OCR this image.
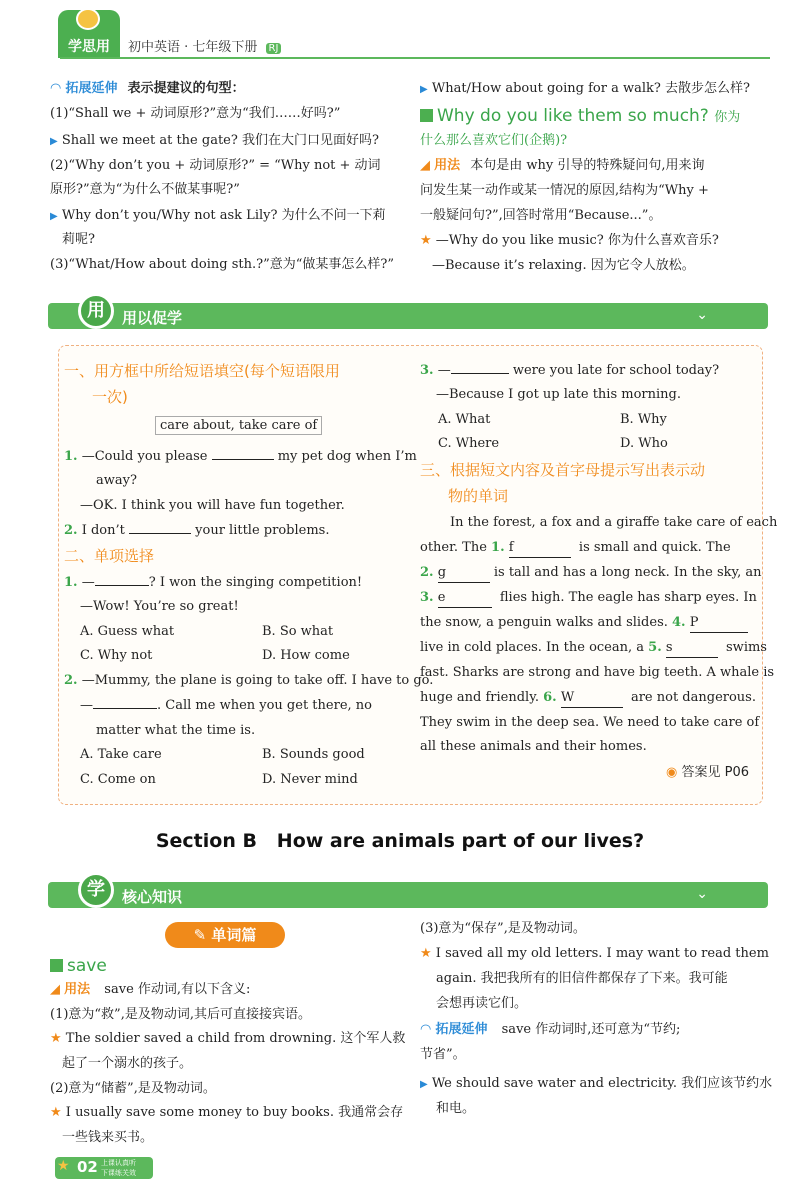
学思用	初中英语 · 七年级下册 RJ
◠ 拓展延伸 表示提建议的句型：
(1)“Shall we + 动词原形?”意为“我们……好吗?”
▶ Shall we meet at the gate? 我们在大门口见面好吗?
(2)“Why don’t you + 动词原形?” = “Why not + 动词
原形?”意为“为什么不做某事呢?”
▶ Why don’t you/Why not ask Lily? 为什么不问一下莉
莉呢?
(3)“What/How about doing sth.?”意为“做某事怎么样?”
▶ What/How about going for a walk? 去散步怎么样?
Why do you like them so much? 你为
什么那么喜欢它们(企鹅)?
◢ 用法 本句是由 why 引导的特殊疑问句,用来询
问发生某一动作或某一情况的原因,结构为“Why +
一般疑问句?”,回答时常用“Because...”。
★ —Why do you like music? 你为什么喜欢音乐?
—Because it’s relaxing. 因为它令人放松。
用	用以促学	⌄
一、用方框中所给短语填空(每个短语限用
一次)
care about, take care of
1. —Could you please	my pet dog when I’m
away?
—OK. I think you will have fun together.
2. I don’t	your little problems.
二、单项选择
1. —	? I won the singing competition!
—Wow! You’re so great!
A. Guess what	B. So what
C. Why not	D. How come
2. —Mummy, the plane is going to take off. I have to go.
—	. Call me when you get there, no
matter what the time is.
A. Take care	B. Sounds good
C. Come on	D. Never mind
3. —	were you late for school today?
—Because I got up late this morning.
A. What	B. Why
C. Where	D. Who
三、根据短文内容及首字母提示写出表示动
物的单词
In the forest, a fox and a giraffe take care of each
other. The 1. f	is small and quick. The
2. g	is tall and has a long neck. In the sky, an
3. e	flies high. The eagle has sharp eyes. In
the snow, a penguin walks and slides. 4. P
live in cold places. In the ocean, a 5. s	swims
fast. Sharks are strong and have big teeth. A whale is
huge and friendly. 6. W	are not dangerous.
They swim in the deep sea. We need to take care of
all these animals and their homes.
◉ 答案见 P06
Section B   How are animals part of our lives?
学	核心知识	⌄
✎ 单词篇
save
◢ 用法 save 作动词,有以下含义:
(1)意为“救”,是及物动词,其后可直接接宾语。
★ The soldier saved a child from drowning. 这个军人救
起了一个溺水的孩子。
(2)意为“储蓄”,是及物动词。
★ I usually save some money to buy books. 我通常会存
一些钱来买书。
(3)意为“保存”,是及物动词。
★ I saved all my old letters. I may want to read them
again. 我把我所有的旧信件都保存了下来。我可能
会想再读它们。
◠ 拓展延伸 save 作动词时,还可意为“节约;
节省”。
▶ We should save water and electricity. 我们应该节约水
和电。
★ 02 上课认真听
下课练关效
